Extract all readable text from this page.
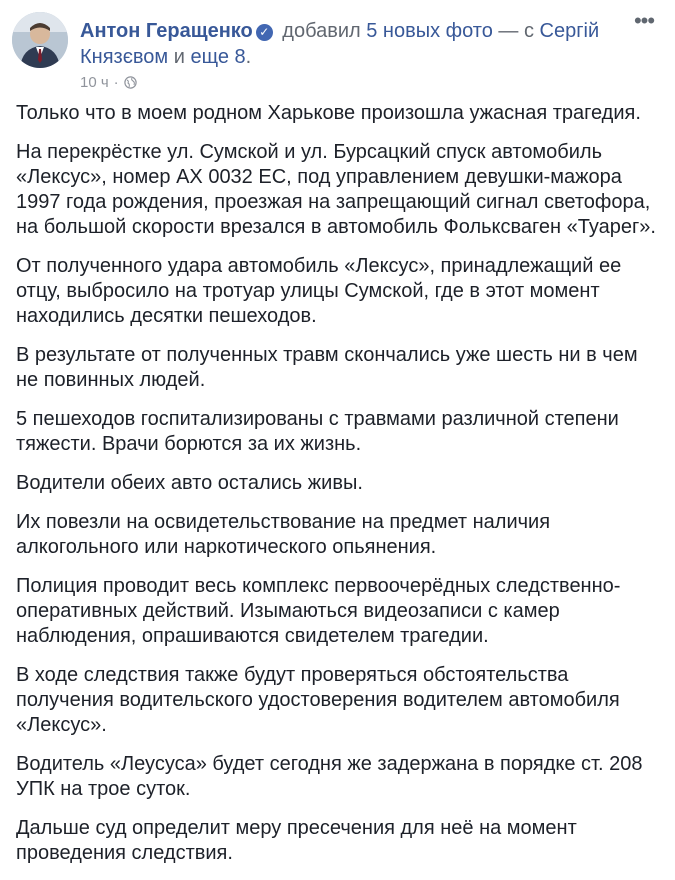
Антон Геращенко ✓ добавил 5 новых фото — с Сергій Князєвом и еще 8.
10 ч ·
•••

Только что в моем родном Харькове произошла ужасная трагедия.

На перекрёстке ул. Сумской и ул. Бурсацкий спуск автомобиль «Лексус», номер АХ 0032 ЕС, под управлением девушки-мажора 1997 года рождения, проезжая на запрещающий сигнал светофора, на большой скорости врезался в автомобиль Фольксваген «Туарег».

От полученного удара автомобиль «Лексус», принадлежащий ее отцу, выбросило на тротуар улицы Сумской, где в этот момент находились десятки пешеходов.

В результате от полученных травм скончались уже шесть ни в чем не повинных людей.

5 пешеходов госпитализированы с травмами различной степени тяжести. Врачи борются за их жизнь.

Водители обеих авто остались живы.

Их повезли на освидетельствование на предмет наличия алкогольного или наркотического опьянения.

Полиция проводит весь комплекс первоочерёдных следственно-оперативных действий. Изымаються видеозаписи с камер наблюдения, опрашиваются свидетелем трагедии.

В ходе следствия также будут проверяться обстоятельства получения водительского удостоверения водителем автомобиля «Лексус».

Водитель «Леусуса» будет сегодня же задержана в порядке ст. 208 УПК на трое суток.

Дальше суд определит меру пресечения для неё на момент проведения следствия.
